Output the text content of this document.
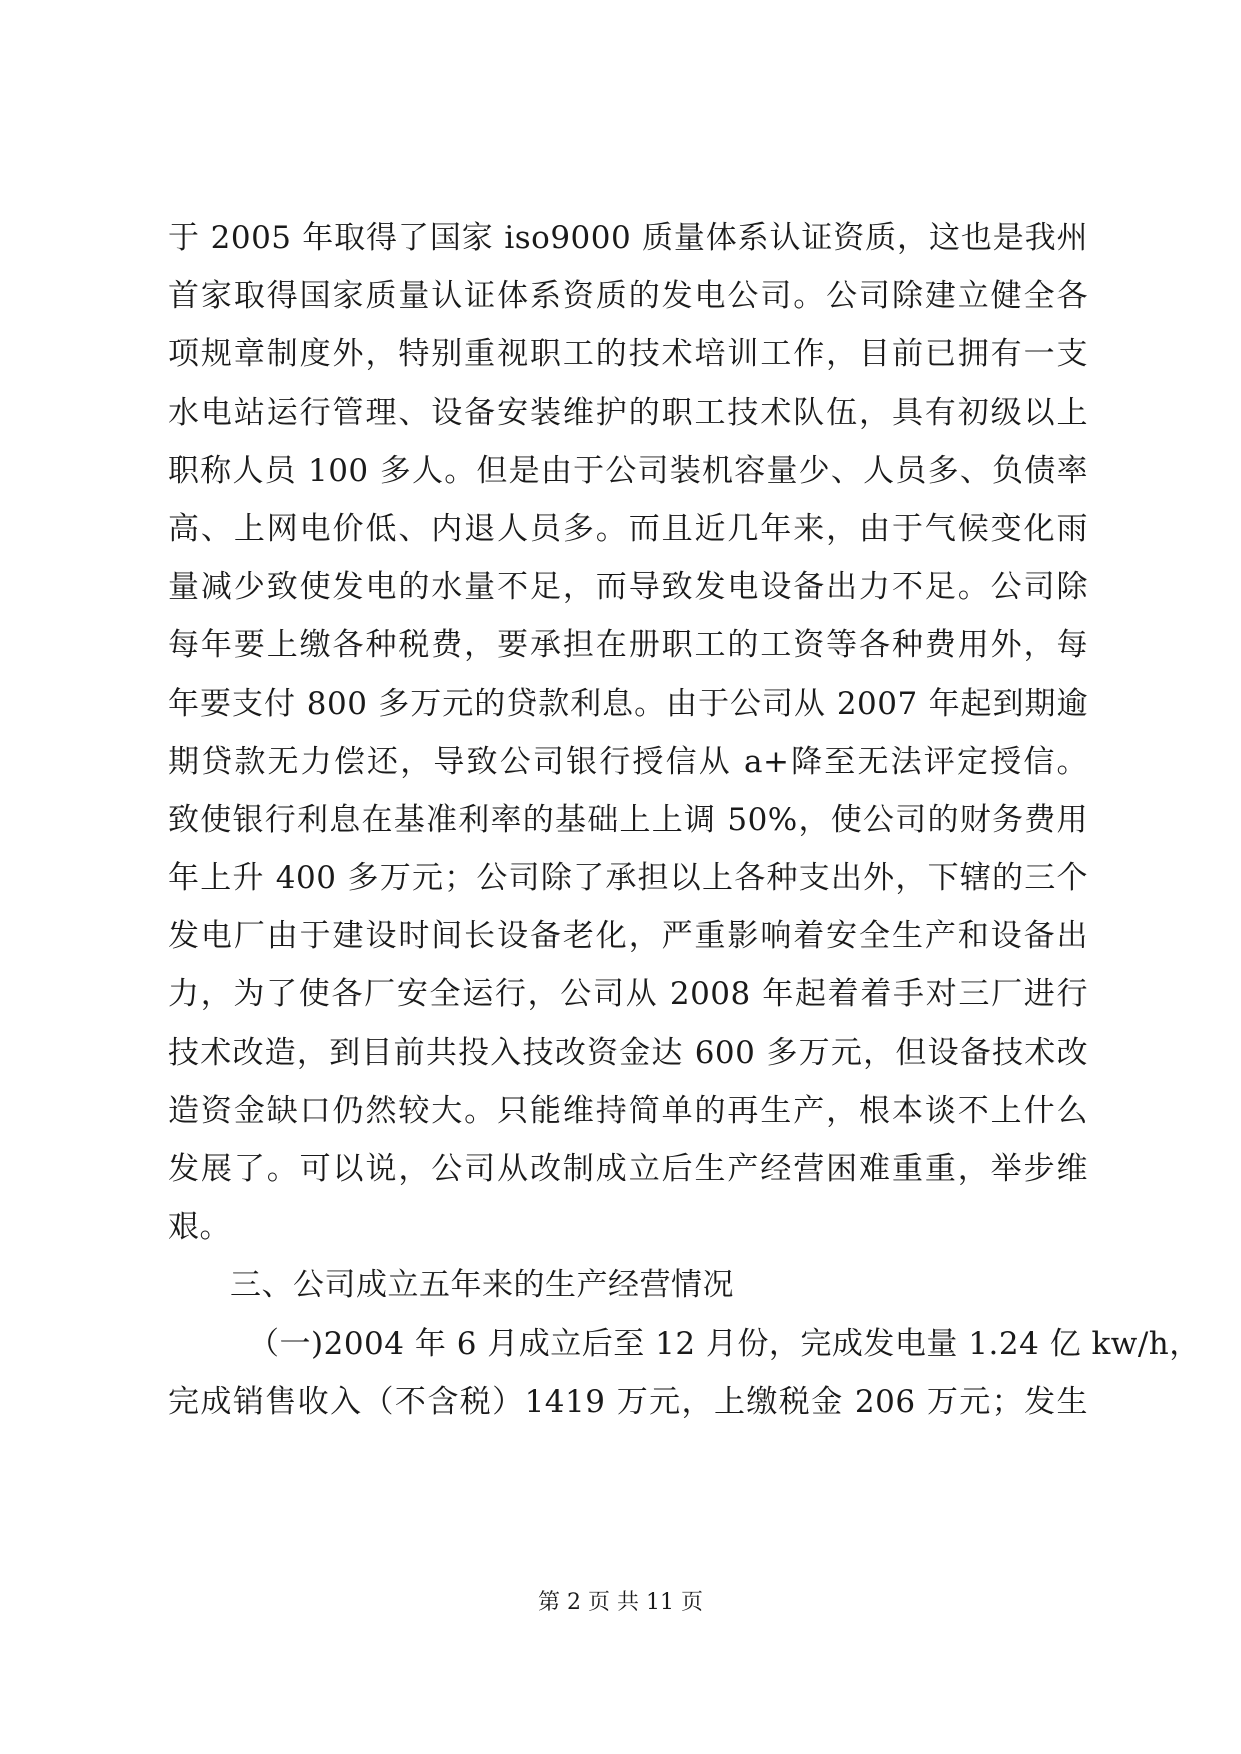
于 2005 年取得了国家 iso9000 质量体系认证资质，这也是我州
首家取得国家质量认证体系资质的发电公司。公司除建立健全各
项规章制度外，特别重视职工的技术培训工作，目前已拥有一支
水电站运行管理、设备安装维护的职工技术队伍，具有初级以上
职称人员 100 多人。但是由于公司装机容量少、人员多、负债率
高、上网电价低、内退人员多。而且近几年来，由于气候变化雨
量减少致使发电的水量不足，而导致发电设备出力不足。公司除
每年要上缴各种税费，要承担在册职工的工资等各种费用外，每
年要支付 800 多万元的贷款利息。由于公司从 2007 年起到期逾
期贷款无力偿还，导致公司银行授信从 a+降至无法评定授信。
致使银行利息在基准利率的基础上上调 50%，使公司的财务费用
年上升 400 多万元；公司除了承担以上各种支出外，下辖的三个
发电厂由于建设时间长设备老化，严重影响着安全生产和设备出
力，为了使各厂安全运行，公司从 2008 年起着着手对三厂进行
技术改造，到目前共投入技改资金达 600 多万元，但设备技术改
造资金缺口仍然较大。只能维持简单的再生产，根本谈不上什么
发展了。可以说，公司从改制成立后生产经营困难重重，举步维
艰。
三、公司成立五年来的生产经营情况
（一)2004 年 6 月成立后至 12 月份，完成发电量 1.24 亿 kw/h，
完成销售收入（不含税）1419 万元，上缴税金 206 万元；发生
第 2 页 共 11 页
